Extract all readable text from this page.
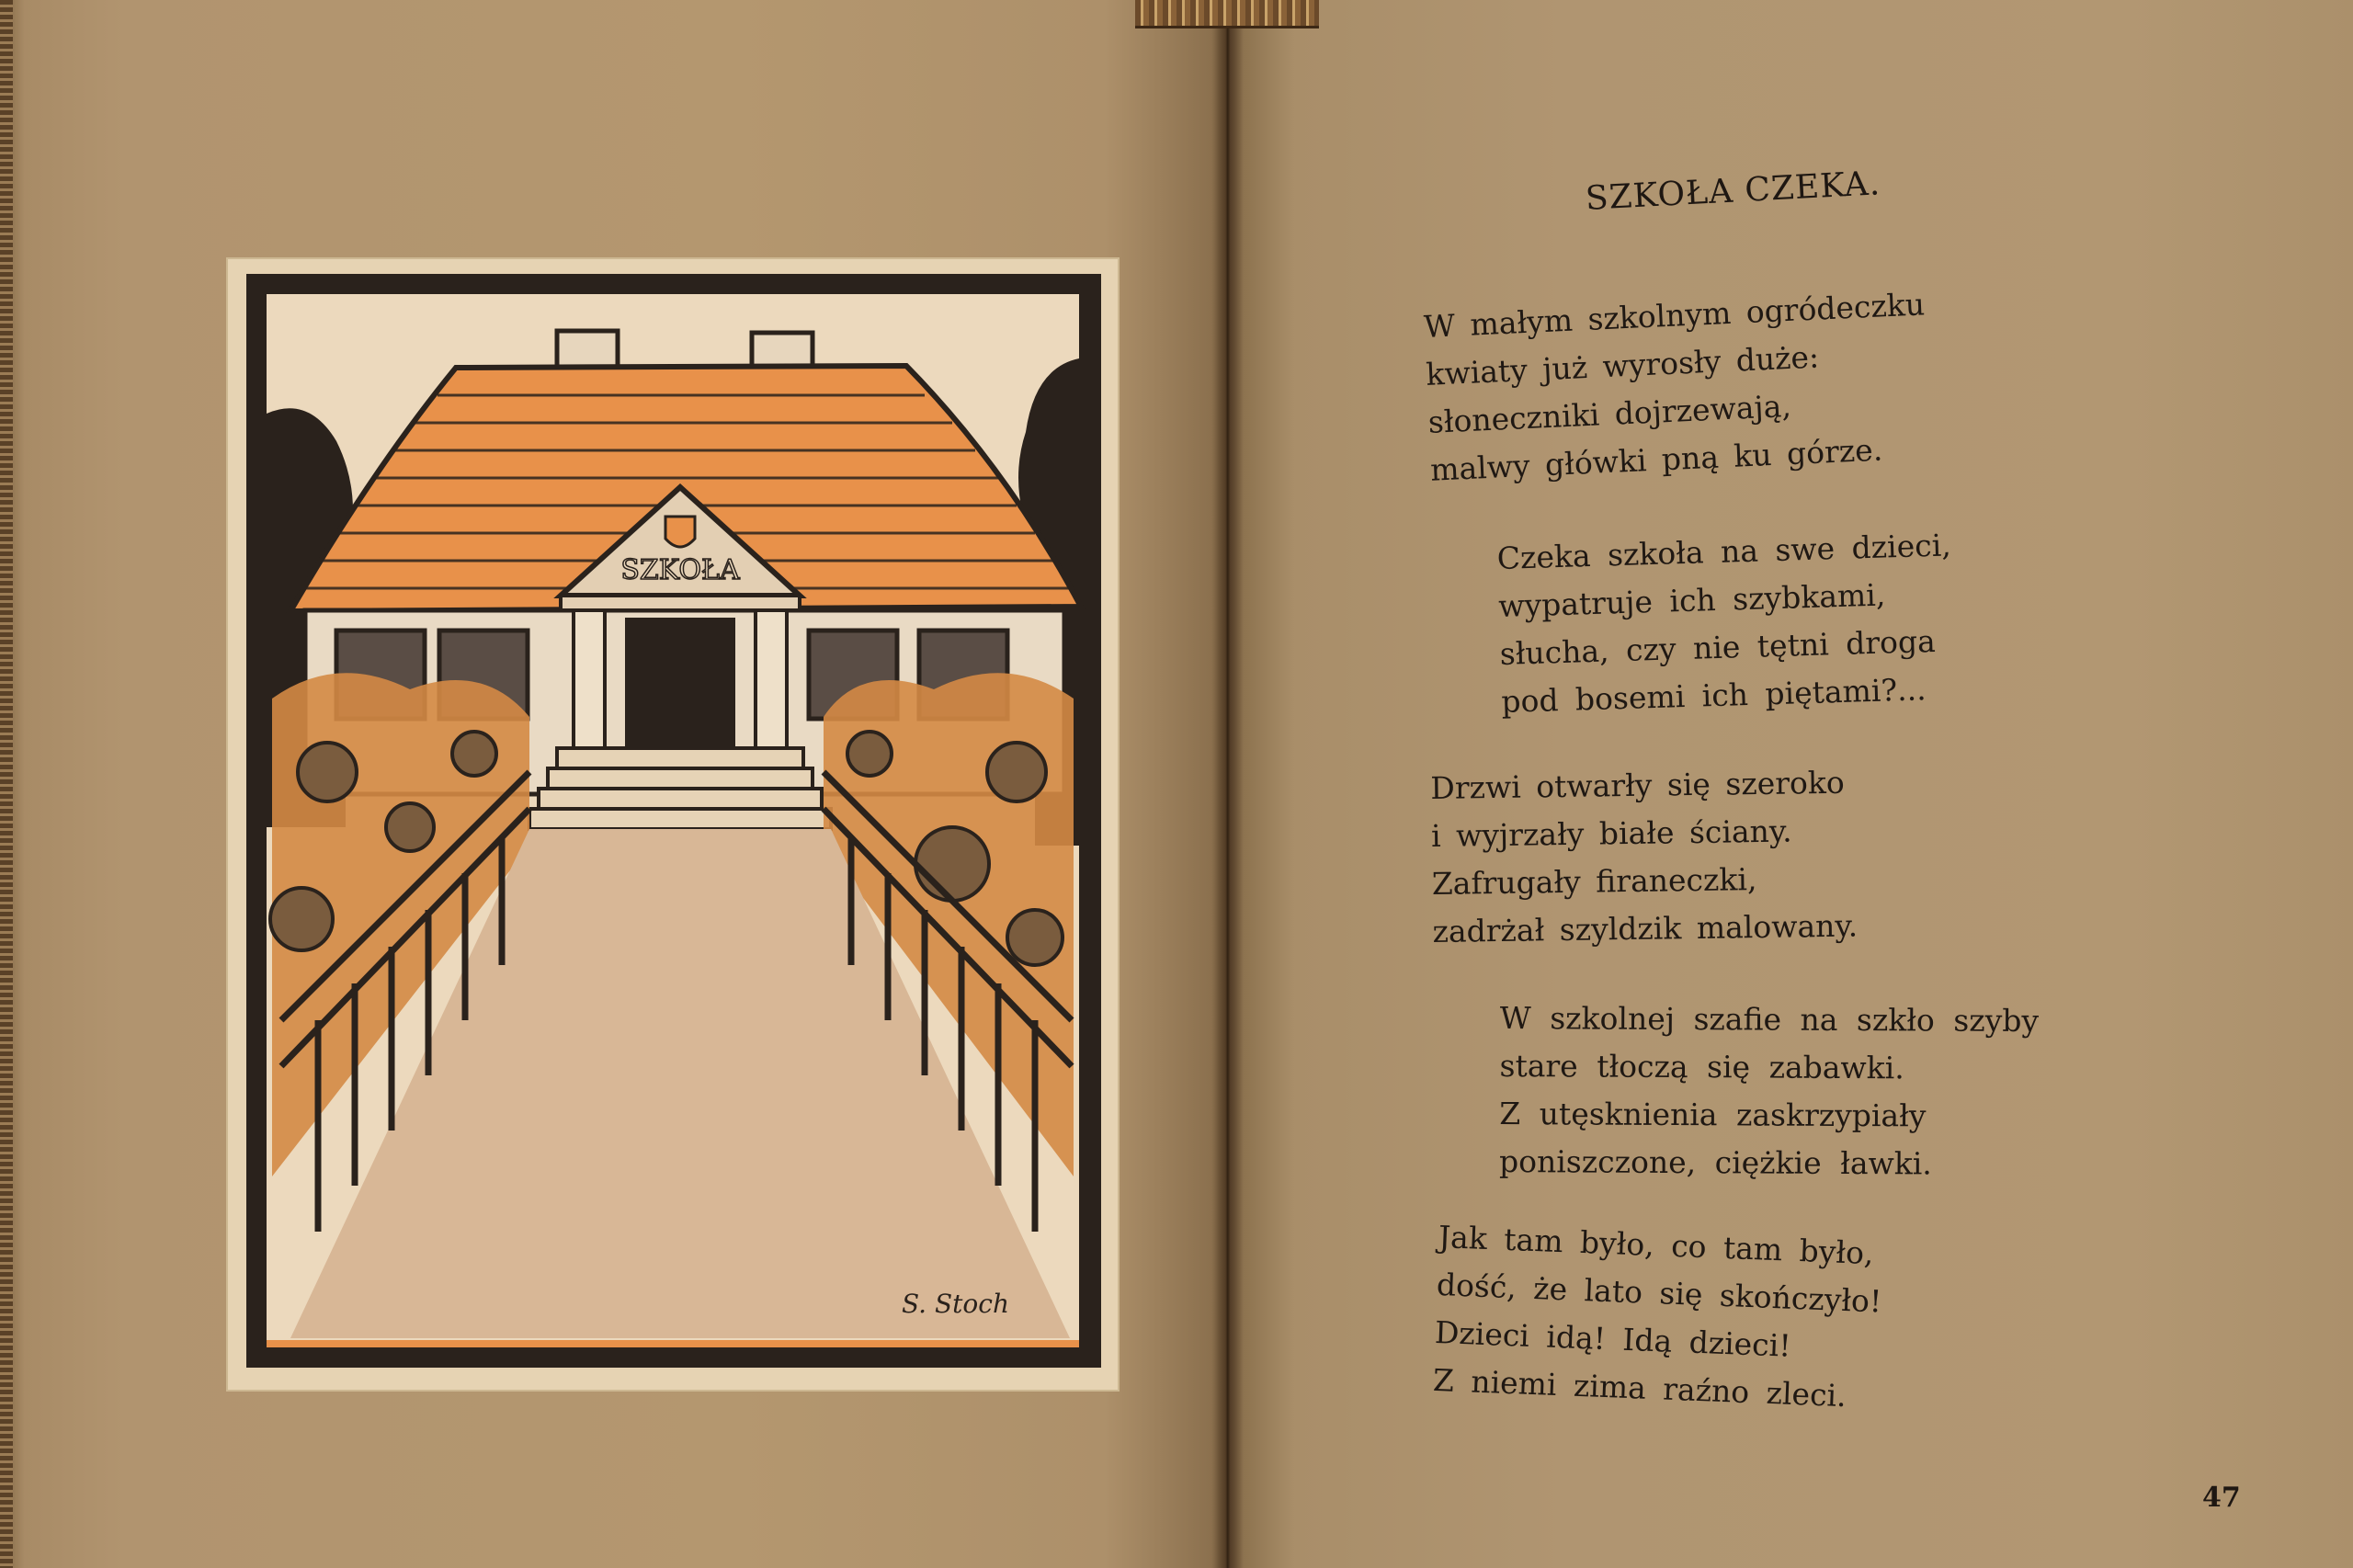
SZKOŁA
S. Stoch
SZKOŁA CZEKA.
W małym szkolnym ogródeczku
kwiaty już wyrosły duże:
słoneczniki dojrzewają,
malwy główki pną ku górze.
Czeka szkoła na swe dzieci,
wypatruje ich szybkami,
słucha, czy nie tętni droga
pod bosemi ich piętami?...
Drzwi otwarły się szeroko
i wyjrzały białe ściany.
Zafrugały firaneczki,
zadrżał szyldzik malowany.
W szkolnej szafie na szkło szyby
stare tłoczą się zabawki.
Z utęsknienia zaskrzypiały
poniszczone, ciężkie ławki.
Jak tam było, co tam było,
dość, że lato się skończyło!
Dzieci idą! Idą dzieci!
Z niemi zima raźno zleci.
47
